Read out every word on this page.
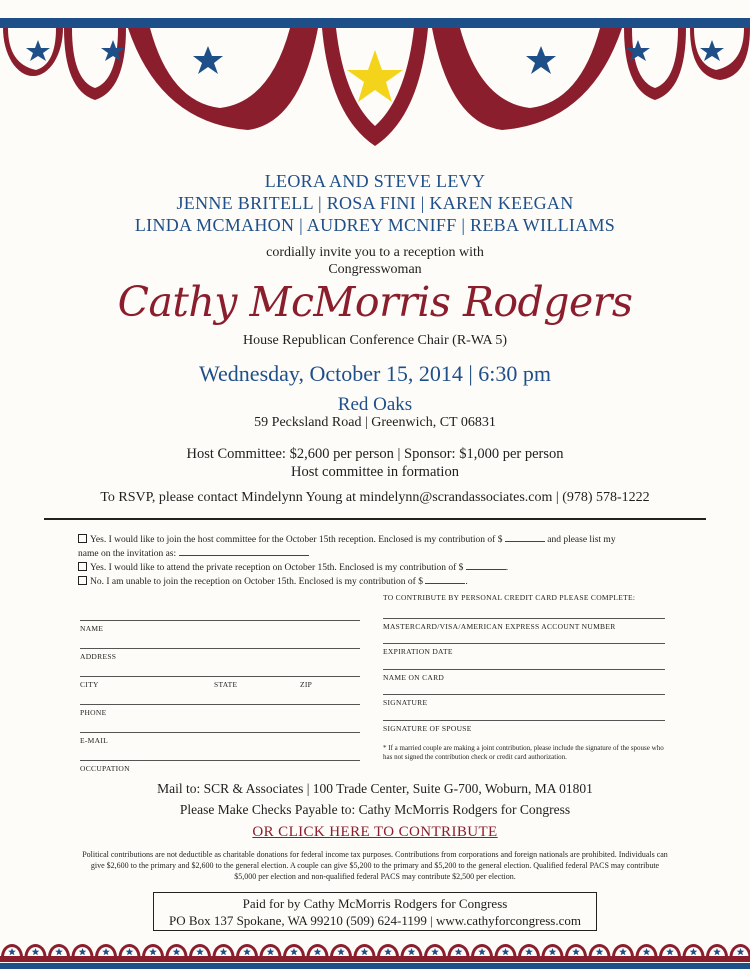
LEORA AND STEVE LEVY
JENNE BRITELL | ROSA FINI | KAREN KEEGAN
LINDA MCMAHON | AUDREY MCNIFF | REBA WILLIAMS
cordially invite you to a reception with
Congresswoman
Cathy McMorris Rodgers
House Republican Conference Chair (R-WA 5)
Wednesday, October 15, 2014 | 6:30 pm
Red Oaks
59 Pecksland Road | Greenwich, CT 06831
Host Committee: $2,600 per person | Sponsor: $1,000 per person
Host committee in formation
To RSVP, please contact Mindelynn Young at mindelynn@scrandassociates.com | (978) 578-1222
Yes. I would like to join the host committee for the October 15th reception. Enclosed is my contribution of $	and please list my
name on the invitation as:
Yes. I would like to attend the private reception on October 15th. Enclosed is my contribution of $	.
No. I am unable to join the reception on October 15th. Enclosed is my contribution of $	.
NAME
ADDRESS
CITY	STATE	ZIP
PHONE
E-MAIL
OCCUPATION
TO CONTRIBUTE BY PERSONAL CREDIT CARD PLEASE COMPLETE:
MASTERCARD/VISA/AMERICAN EXPRESS ACCOUNT NUMBER
EXPIRATION DATE
NAME ON CARD
SIGNATURE
SIGNATURE OF SPOUSE
* If a married couple are making a joint contribution, please include the signature of the spouse who has not signed the contribution check or credit card authorization.
Mail to: SCR & Associates | 100 Trade Center, Suite G-700, Woburn, MA 01801
Please Make Checks Payable to: Cathy McMorris Rodgers for Congress
OR CLICK HERE TO CONTRIBUTE
Political contributions are not deductible as charitable donations for federal income tax purposes. Contributions from corporations and foreign nationals are prohibited. Individuals can give $2,600 to the primary and $2,600 to the general election. A couple can give $5,200 to the primary and $5,200 to the general election. Qualified federal PACS may contribute $5,000 per election and non-qualified federal PACS may contribute $2,500 per election.
Paid for by Cathy McMorris Rodgers for Congress
PO Box 137 Spokane, WA 99210 (509) 624-1199 | www.cathyforcongress.com
